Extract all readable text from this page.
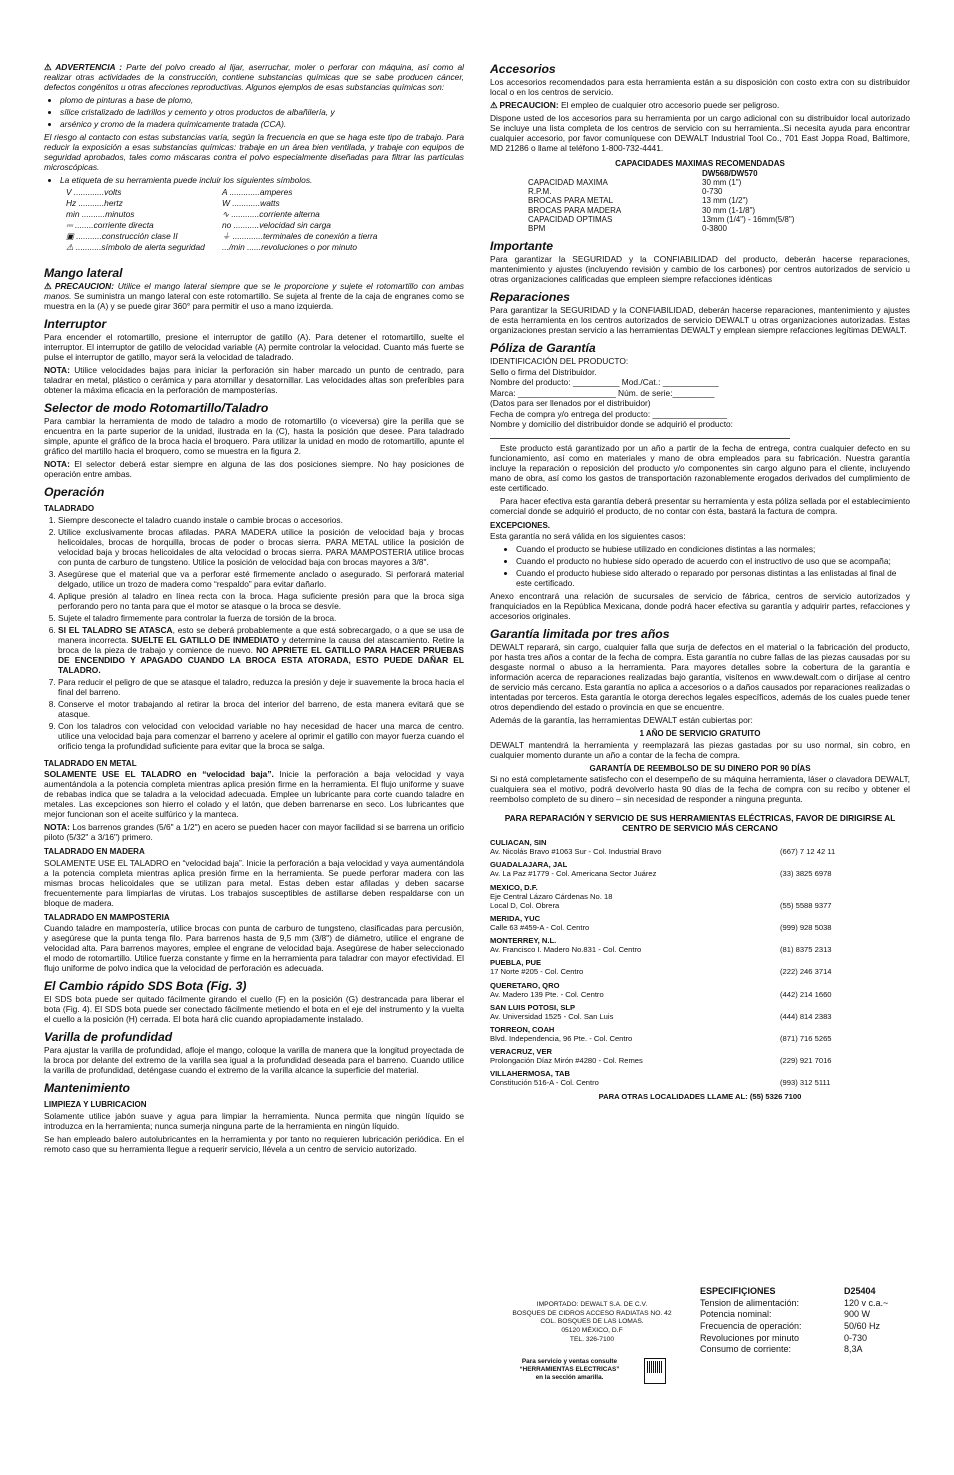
⚠ ADVERTENCIA : Parte del polvo creado al lijar, aserruchar, moler o perforar con máquina, así como al realizar otras actividades de la construcción, contiene substancias químicas que se sabe producen cáncer, defectos congénitos u otras afecciones reproductivas. Algunos ejemplos de esas substancias químicas son:

• plomo de pinturas a base de plomo,
• sílice cristalizado de ladrillos y cemento y otros productos de albañilería, y
• arsénico y cromo de la madera químicamente tratada (CCA).

El riesgo al contacto con estas substancias varía, según la frecuencia en que se haga este tipo de trabajo. Para reducir la exposición a esas substancias químicas: trabaje en un área bien ventilada, y trabaje con equipos de seguridad aprobados, tales como máscaras contra el polvo especialmente diseñadas para filtrar las partículas microscópicas.

• La etiqueta de su herramienta puede incluir los siguientes símbolos.
V .............volts	A .............amperes
Hz ...........hertz	W ............watts
min ..........minutos	∿ ............corriente alterna
⎓ ........corriente directa	no ...........velocidad sin carga
▣ ...........construcción clase II	⏚ .............terminales de conexión a tierra
⚠ ...........símbolo de alerta seguridad	.../min ......revoluciones o por minuto
Mango lateral

⚠ PRECAUCION: Utilice el mango lateral siempre que se le proporcione y sujete el rotomartillo con ambas manos. Se suministra un mango lateral con este rotomartillo. Se sujeta al frente de la caja de engranes como se muestra en la (A) y se puede girar 360° para permitir el uso a mano izquierda.

Interruptor

Para encender el rotomartillo, presione el interruptor de gatillo (A). Para detener el rotomartillo, suelte el interruptor. El interruptor de gatillo de velocidad variable (A) permite controlar la velocidad. Cuanto más fuerte se pulse el interruptor de gatillo, mayor será la velocidad de taladrado.

NOTA: Utilice velocidades bajas para iniciar la perforación sin haber marcado un punto de centrado, para taladrar en metal, plástico o cerámica y para atornillar y desatornillar. Las velocidades altas son preferibles para obtener la máxima eficacia en la perforación de mamposterías.

Selector de modo Rotomartillo/Taladro

Para cambiar la herramienta de modo de taladro a modo de rotomartillo (o viceversa) gire la perilla que se encuentra en la parte superior de la unidad, ilustrada en la (C), hasta la posición que desee. Para taladrado simple, apunte el gráfico de la broca hacia el broquero. Para utilizar la unidad en modo de rotomartillo, apunte el gráfico del martillo hacia el broquero, como se muestra en la figura 2.

NOTA: El selector deberá estar siempre en alguna de las dos posiciones siempre. No hay posiciones de operación entre ambas.

Operación
TALADRADO
1. Siempre desconecte el taladro cuando instale o cambie brocas o accesorios.
2. Utilice exclusivamente brocas afiladas. PARA MADERA utilice la posición de velocidad baja y brocas helicoidales, brocas de horquilla, brocas de poder o brocas sierra. PARA METAL utilice la posición de velocidad baja y brocas helicoidales de alta velocidad o brocas sierra. PARA MAMPOSTERIA utilice brocas con punta de carburo de tungsteno. Utilice la posición de velocidad baja con brocas mayores a 3/8".
3. Asegúrese que el material que va a perforar esté firmemente anclado o asegurado. Si perforará material delgado, utilice un trozo de madera como “respaldo” para evitar dañarlo.
4. Aplique presión al taladro en línea recta con la broca. Haga suficiente presión para que la broca siga perforando pero no tanta para que el motor se atasque o la broca se desvíe.
5. Sujete el taladro firmemente para controlar la fuerza de torsión de la broca.
6. SI EL TALADRO SE ATASCA, esto se deberá probablemente a que está sobrecargado, o a que se usa de manera incorrecta. SUELTE EL GATILLO DE INMEDIATO y determine la causa del atascamiento. Retire la broca de la pieza de trabajo y comience de nuevo. NO APRIETE EL GATILLO PARA HACER PRUEBAS DE ENCENDIDO Y APAGADO CUANDO LA BROCA ESTA ATORADA, ESTO PUEDE DAÑAR EL TALADRO.
7. Para reducir el peligro de que se atasque el taladro, reduzca la presión y deje ir suavemente la broca hacia el final del barreno.
8. Conserve el motor trabajando al retirar la broca del interior del barreno, de esta manera evitará que se atasque.
9. Con los taladros con velocidad con velocidad variable no hay necesidad de hacer una marca de centro. utilice una velocidad baja para comenzar el barreno y acelere al oprimir el gatillo con mayor fuerza cuando el orificio tenga la profundidad suficiente para evitar que la broca se salga.
TALADRADO EN METAL

SOLAMENTE USE EL TALADRO en “velocidad baja”. Inicie la perforación a baja velocidad y vaya aumentándola a la potencia completa mientras aplica presión firme en la herramienta. El flujo uniforme y suave de rebabas indica que se taladra a la velocidad adecuada. Emplee un lubricante para corte cuando taladre en metales. Las excepciones son hierro el colado y el latón, que deben barrenarse en seco. Los lubricantes que mejor funcionan son el aceite sulfúrico y la manteca.

NOTA: Los barrenos grandes (5/6" a 1/2") en acero se pueden hacer con mayor facilidad si se barrena un orificio piloto (5/32" a 3/16") primero.

TALADRADO EN MADERA

SOLAMENTE USE EL TALADRO en “velocidad baja”. Inicie la perforación a baja velocidad y vaya aumentándola a la potencia completa mientras aplica presión firme en la herramienta. Se puede perforar madera con las mismas brocas helicoidales que se utilizan para metal. Estas deben estar afiladas y deben sacarse frecuentemente para limpiarlas de virutas. Los trabajos susceptibles de astillarse deben respaldarse con un bloque de madera.

TALADRADO EN MAMPOSTERIA

Cuando taladre en mampostería, utilice brocas con punta de carburo de tungsteno, clasificadas para percusión, y asegúrese que la punta tenga filo. Para barrenos hasta de 9,5 mm (3/8") de diámetro, utilice el engrane de velocidad alta. Para barrenos mayores, emplee el engrane de velocidad baja. Asegúrese de haber seleccionado el modo de rotomartillo. Utilice fuerza constante y firme en la herramienta para taladrar con mayor efectividad. El flujo uniforme de polvo indica que la velocidad de perforación es adecuada.

El Cambio rápido SDS Bota (Fig. 3)

El SDS bota puede ser quitado fácilmente girando el cuello (F) en la posición (G) destrancada para liberar el bota (Fig. 4). El SDS bota puede ser conectado fácilmente metiendo el bota en el eje del instrumento y la vuelta el cuello a la posición (H) cerrada. El bota hará clic cuando apropiadamente instalado.

Varilla de profundidad

Para ajustar la varilla de profundidad, afloje el mango, coloque la varilla de manera que la longitud proyectada de la broca por delante del extremo de la varilla sea igual a la profundidad deseada para el barreno. Cuando utilice la varilla de profundidad, deténgase cuando el extremo de la varilla alcance la superficie del material.

Mantenimiento
LIMPIEZA Y LUBRICACION

Solamente utilice jabón suave y agua para limpiar la herramienta. Nunca permita que ningún líquido se introduzca en la herramienta; nunca sumerja ninguna parte de la herramienta en ningún líquido.

Se han empleado balero autolubricantes en la herramienta y por tanto no requieren lubricación periódica. En el remoto caso que su herramienta llegue a requerir servicio, llévela a un centro de servicio autorizado.

Accesorios

Los accesorios recomendados para esta herramienta están a su disposición con costo extra con su distribuidor local o en los centros de servicio.

⚠ PRECAUCION: El empleo de cualquier otro accesorio puede ser peligroso.

Dispone usted de los accesorios para su herramienta por un cargo adicional con su distribuidor local autorizado Se incluye una lista completa de los centros de servicio con su herramienta..Si necesita ayuda para encontrar cualquier accesorio, por favor comuníquese con DEWALT Industrial Tool Co., 701 East Joppa Road, Baltimore, MD 21286 o llame al teléfono 1-800-732-4441.

CAPACIDADES MAXIMAS RECOMENDADAS
DW568/DW570
CAPACIDAD MAXIMA	30 mm (1")
R.P.M.	0-730
BROCAS PARA METAL	13 mm (1/2")
BROCAS PARA MADERA	30 mm (1-1/8")
CAPACIDAD OPTIMAS	13mm (1/4") - 16mm(5/8")
BPM	0-3800
Importante

Para garantizar la SEGURIDAD y la CONFIABILIDAD del producto, deberán hacerse reparaciones, mantenimiento y ajustes (incluyendo revisión y cambio de los carbones) por centros autorizados de servicio u otras organizaciones calificadas que empleen siempre refacciones idénticas

Reparaciones

Para garantizar la SEGURIDAD y la CONFIABILIDAD, deberán hacerse reparaciones, mantenimiento y ajustes de esta herramienta en los centros autorizados de servicio DEWALT u otras organizaciones autorizadas. Estas organizaciones prestan servicio a las herramientas DEWALT y emplean siempre refacciones legítimas DEWALT.

Póliza de Garantía
IDENTIFICACIÓN DEL PRODUCTO:
Sello o firma del Distribuidor.
Nombre del producto: __________ Mod./Cat.: ____________
Marca: _____________________ Núm. de serie:_________
(Datos para ser llenados por el distribuidor)
Fecha de compra y/o entrega del producto: ________________
Nombre y domicilio del distribuidor donde se adquirió el producto:

Este producto está garantizado por un año a partir de la fecha de entrega, contra cualquier defecto en su funcionamiento, así como en materiales y mano de obra empleados para su fabricación. Nuestra garantía incluye la reparación o reposición del producto y/o componentes sin cargo alguno para el cliente, incluyendo mano de obra, así como los gastos de transportación razonablemente erogados derivados del cumplimiento de este certificado.

Para hacer efectiva esta garantía deberá presentar su herramienta y esta póliza sellada por el establecimiento comercial donde se adquirió el producto, de no contar con ésta, bastará la factura de compra.

EXCEPCIONES.

Esta garantía no será válida en los siguientes casos:

• Cuando el producto se hubiese utilizado en condiciones distintas a las normales;
• Cuando el producto no hubiese sido operado de acuerdo con el instructivo de uso que se acompaña;
• Cuando el producto hubiese sido alterado o reparado por personas distintas a las enlistadas al final de este certificado.

Anexo encontrará una relación de sucursales de servicio de fábrica, centros de servicio autorizados y franquiciados en la República Mexicana, donde podrá hacer efectiva su garantía y adquirir partes, refacciones y accesorios originales.

Garantía limitada por tres años

DEWALT reparará, sin cargo, cualquier falla que surja de defectos en el material o la fabricación del producto, por hasta tres años a contar de la fecha de compra. Esta garantía no cubre fallas de las piezas causadas por su desgaste normal o abuso a la herramienta. Para mayores detalles sobre la cobertura de la garantía e información acerca de reparaciones realizadas bajo garantía, visítenos en www.dewalt.com o diríjase al centro de servicio más cercano. Esta garantía no aplica a accesorios o a daños causados por reparaciones realizadas o intentadas por terceros. Esta garantía le otorga derechos legales específicos, además de los cuales puede tener otros dependiendo del estado o provincia en que se encuentre.

Además de la garantía, las herramientas DEWALT están cubiertas por:

1 AÑO DE SERVICIO GRATUITO

DEWALT mantendrá la herramienta y reemplazará las piezas gastadas por su uso normal, sin cobro, en cualquier momento durante un año a contar de la fecha de compra.

GARANTÍA DE REEMBOLSO DE SU DINERO POR 90 DÍAS

Si no está completamente satisfecho con el desempeño de su máquina herramienta, láser o clavadora DEWALT, cualquiera sea el motivo, podrá devolverlo hasta 90 días de la fecha de compra con su recibo y obtener el reembolso completo de su dinero – sin necesidad de responder a ninguna pregunta.

PARA REPARACIÓN Y SERVICIO DE SUS HERRAMIENTAS ELÉCTRICAS, FAVOR DE DIRIGIRSE AL CENTRO DE SERVICIO MÁS CERCANO
CULIACAN, SIN
Av. Nicolás Bravo #1063 Sur - Col. Industrial Bravo	(667) 7 12 42 11
GUADALAJARA, JAL
Av. La Paz #1779 - Col. Americana Sector Juárez	(33) 3825 6978
MEXICO, D.F.
Eje Central Lázaro Cárdenas No. 18
Local D, Col. Obrera	(55) 5588 9377
MERIDA, YUC
Calle 63 #459-A - Col. Centro	(999) 928 5038
MONTERREY, N.L.
Av. Francisco I. Madero No.831 - Col. Centro	(81) 8375 2313
PUEBLA, PUE
17 Norte #205 - Col. Centro	(222) 246 3714
QUERETARO, QRO
Av. Madero 139 Pte. - Col. Centro	(442) 214 1660
SAN LUIS POTOSI, SLP
Av. Universidad 1525 - Col. San Luis	(444) 814 2383
TORREON, COAH
Blvd. Independencia, 96 Pte. - Col. Centro	(871) 716 5265
VERACRUZ, VER
Prolongación Díaz Mirón #4280 - Col. Remes	(229) 921 7016
VILLAHERMOSA, TAB
Constitución 516-A - Col. Centro	(993) 312 5111
PARA OTRAS LOCALIDADES LLAME AL: (55) 5326 7100
IMPORTADO: DEWALT S.A. DE C.V.
BOSQUES DE CIDROS ACCESO RADIATAS NO. 42
COL. BOSQUES DE LAS LOMAS.
05120 MÉXICO, D.F
TEL. 326-7100
Para servicio y ventas consulte
“HERRAMIENTAS ELECTRICAS”
en la sección amarilla.
ESPECIFIÇIONES	D25404
Tension de alimentación:	120 v c.a.~
Potencia nominal:	900 W
Frecuencia de operación:	50/60 Hz
Revoluciones por minuto	0-730
Consumo de corriente:	8,3A
